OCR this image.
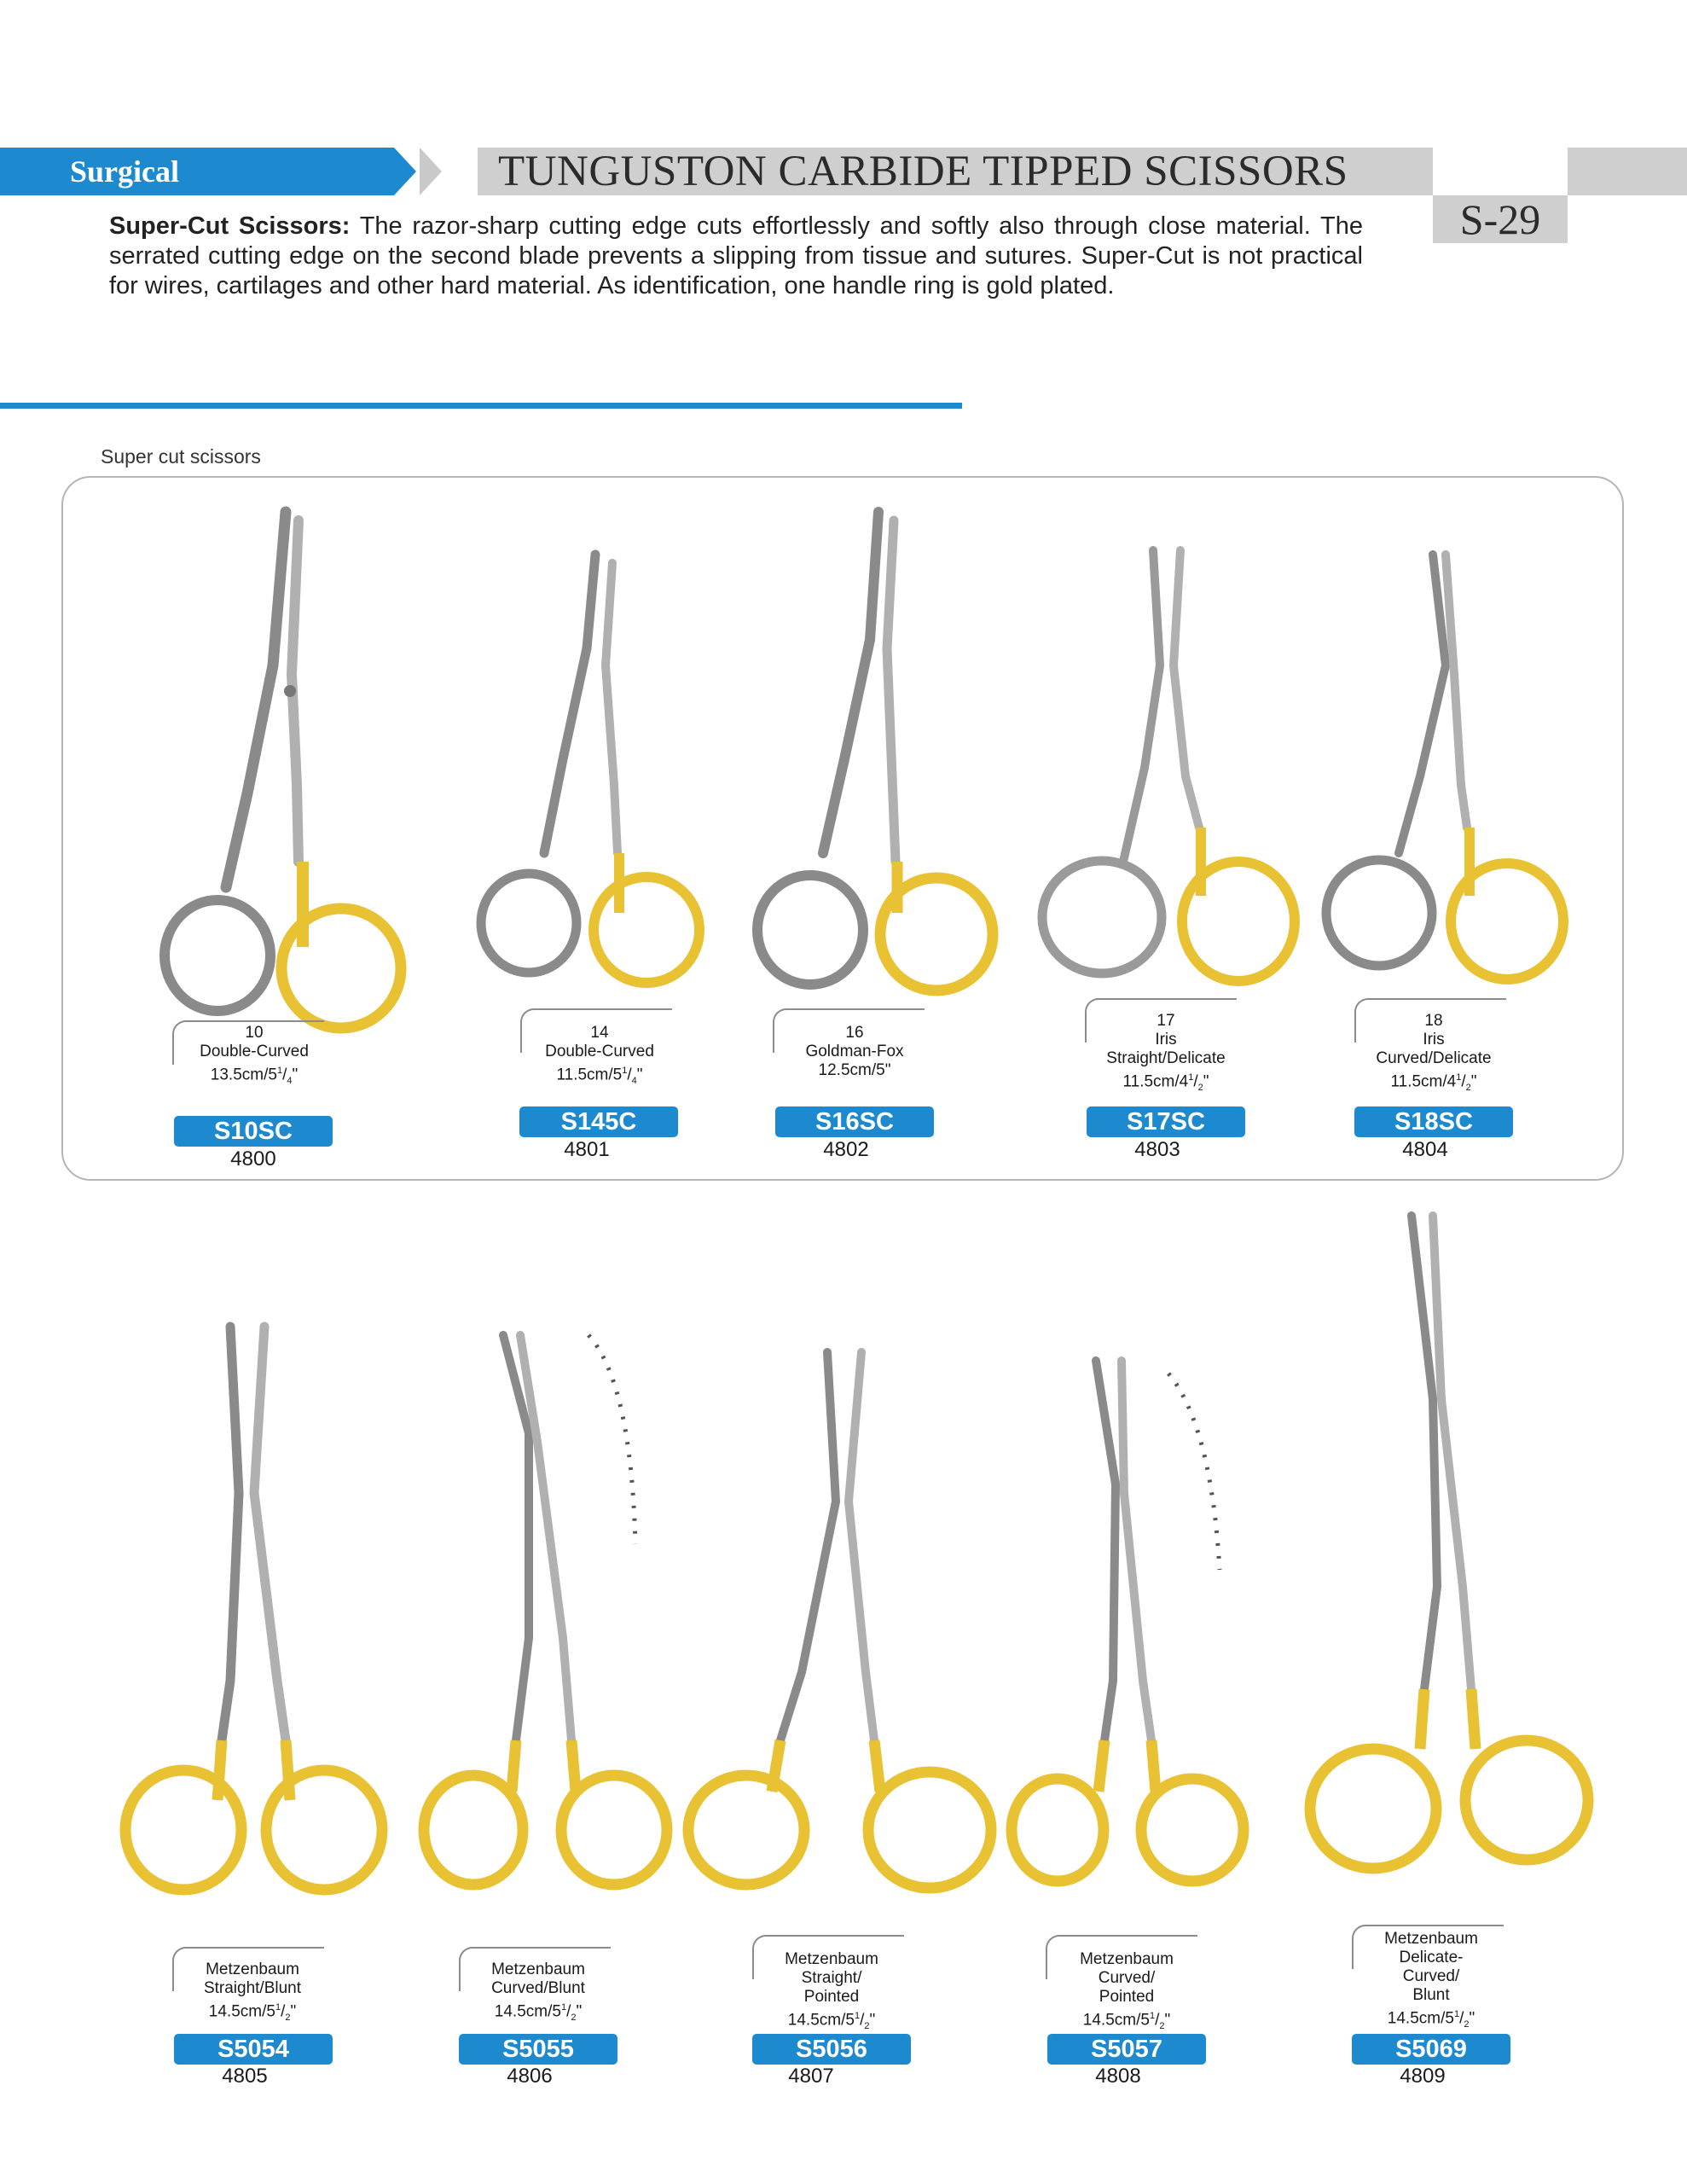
Surgical	TUNGUSTON CARBIDE TIPPED SCISSORS
S-29
Super-Cut Scissors: The razor-sharp cutting edge cuts effortlessly and softly also through close material. The serrated cutting edge on the second blade prevents a slipping from tissue and sutures. Super-Cut is not practical for wires, cartilages and other hard material. As identification, one handle ring is gold plated.
Super cut scissors
10
Double-Curved
$13.5cm/5^1/_4$"
S10SC
4800
14
Double-Curved
$11.5cm/5^1/_4$"
S145C
4801
16
Goldman-Fox
12.5cm/5"
S16SC
4802
17
Iris
Straight/Delicate
$11.5cm/4^1/_2$"
S17SC
4803
18
Iris
Curved/Delicate
$11.5cm/4^1/_2$"
S18SC
4804
Metzenbaum
Straight/Blunt
$14.5cm/5^1/_2$"
S5054
4805
Metzenbaum
Curved/Blunt
$14.5cm/5^1/_2$"
S5055
4806
Metzenbaum
Straight/
Pointed
$14.5cm/5^1/_2$"
S5056
4807
Metzenbaum
Curved/
Pointed
$14.5cm/5^1/_2$"
S5057
4808
Metzenbaum
Delicate-
Curved/
Blunt
$14.5cm/5^1/_2$"
S5069
4809
